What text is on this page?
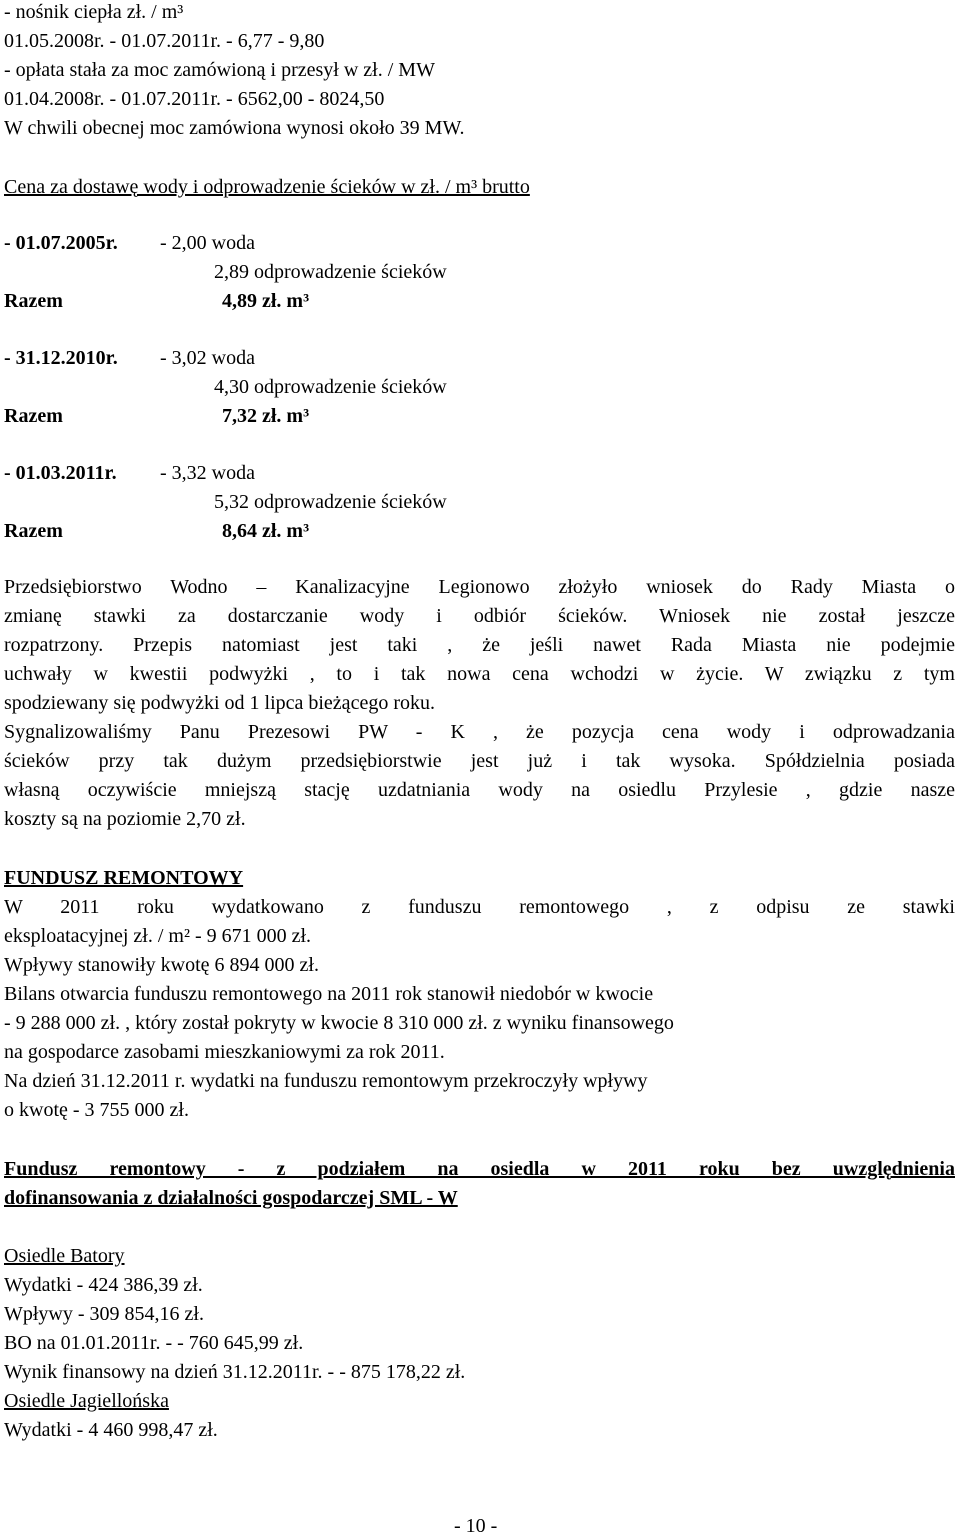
- nośnik ciepła zł. / m³
01.05.2008r. - 01.07.2011r. - 6,77 - 9,80
- opłata stała za moc zamówioną i przesył w zł. / MW
01.04.2008r. - 01.07.2011r. - 6562,00 - 8024,50
W chwili obecnej moc zamówiona wynosi około 39 MW.
Cena za dostawę wody i odprowadzenie ścieków w zł. / m³ brutto
- 01.07.2005r. - 2,00 woda
2,89 odprowadzenie ścieków
Razem	4,89 zł. m³
- 31.12.2010r. - 3,02 woda
4,30 odprowadzenie ścieków
Razem	7,32 zł. m³
- 01.03.2011r. - 3,32 woda
5,32 odprowadzenie ścieków
Razem	8,64 zł. m³
Przedsiębiorstwo Wodno – Kanalizacyjne Legionowo złożyło wniosek do Rady Miasta o
zmianę stawki za dostarczanie wody i odbiór ścieków. Wniosek nie został jeszcze
rozpatrzony. Przepis natomiast jest taki , że jeśli nawet Rada Miasta nie podejmie
uchwały w kwestii podwyżki , to i tak nowa cena wchodzi w życie. W związku z tym
spodziewany się podwyżki od 1 lipca bieżącego roku.
Sygnalizowaliśmy Panu Prezesowi PW - K , że pozycja cena wody i odprowadzania
ścieków przy tak dużym przedsiębiorstwie jest już i tak wysoka. Spółdzielnia posiada
własną oczywiście mniejszą stację uzdatniania wody na osiedlu Przylesie , gdzie nasze
koszty są na poziomie 2,70 zł.
FUNDUSZ REMONTOWY
W 2011 roku wydatkowano z funduszu remontowego , z odpisu ze stawki
eksploatacyjnej zł. / m² - 9 671 000 zł.
Wpływy stanowiły kwotę 6 894 000 zł.
Bilans otwarcia funduszu remontowego na 2011 rok stanowił niedobór w kwocie
- 9 288 000 zł. , który został pokryty w kwocie 8 310 000 zł. z wyniku finansowego
na gospodarce zasobami mieszkaniowymi za rok 2011.
Na dzień 31.12.2011 r. wydatki na funduszu remontowym przekroczyły wpływy
o kwotę - 3 755 000 zł.
Fundusz remontowy - z podziałem na osiedla w 2011 roku bez uwzględnienia
dofinansowania z działalności gospodarczej SML - W
Osiedle Batory
Wydatki - 424 386,39 zł.
Wpływy - 309 854,16 zł.
BO na 01.01.2011r. - - 760 645,99 zł.
Wynik finansowy na dzień 31.12.2011r. - - 875 178,22 zł.
Osiedle Jagiellońska
Wydatki - 4 460 998,47 zł.
- 10 -
